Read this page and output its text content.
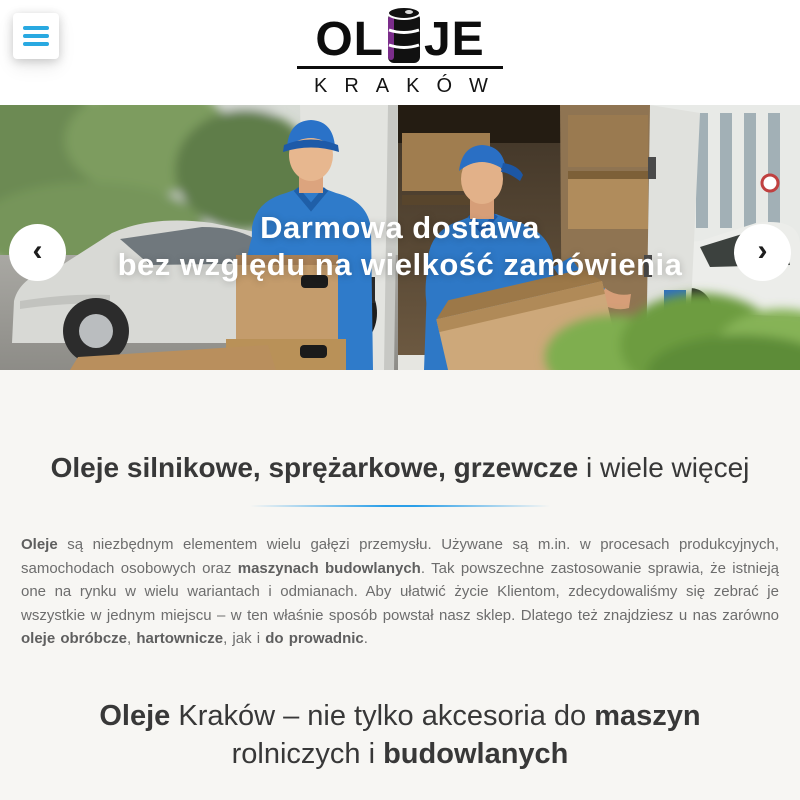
OL JE
KRAKÓW
Darmowa dostawa
bez względu na wielkość zamówienia
‹	›
Oleje silnikowe, sprężarkowe, grzewcze i wiele więcej

Oleje są niezbędnym elementem wielu gałęzi przemysłu. Używane są m.in. w procesach produkcyjnych, samochodach osobowych oraz maszynach budowlanych. Tak powszechne zastosowanie sprawia, że istnieją one na rynku w wielu wariantach i odmianach. Aby ułatwić życie Klientom, zdecydowaliśmy się zebrać je wszystkie w jednym miejscu – w ten właśnie sposób powstał nasz sklep. Dlatego też znajdziesz u nas zarówno oleje obróbcze, hartownicze, jak i do prowadnic.

Oleje Kraków – nie tylko akcesoria do maszyn rolniczych i budowlanych
